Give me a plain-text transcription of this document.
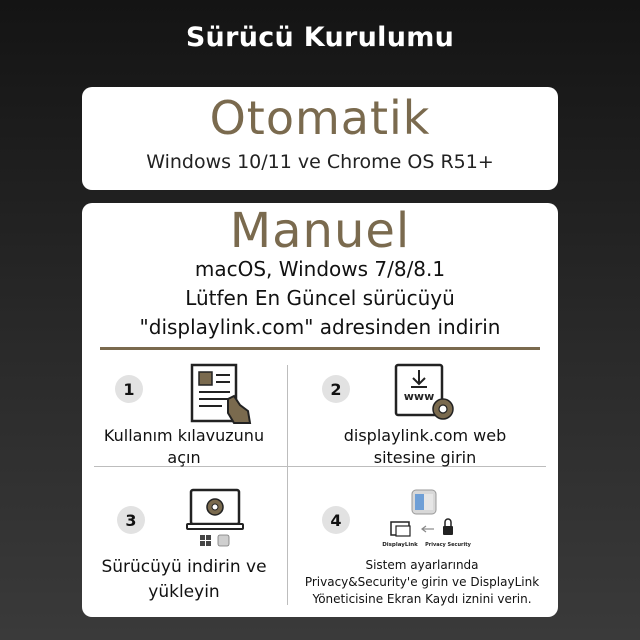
Sürücü Kurulumu
Otomatik
Windows 10/11 ve Chrome OS R51+
Manuel
macOS, Windows 7/8/8.1
Lütfen En Güncel sürücüyü
"displaylink.com" adresinden indirin
1
Kullanım kılavuzunu
açın
2	www
displaylink.com web
sitesine girin
3
Sürücüyü indirin ve
yükleyin
4
DisplayLink Privacy Security
Sistem ayarlarında
Privacy&Security'e girin ve DisplayLink
Yöneticisine Ekran Kaydı iznini verin.
